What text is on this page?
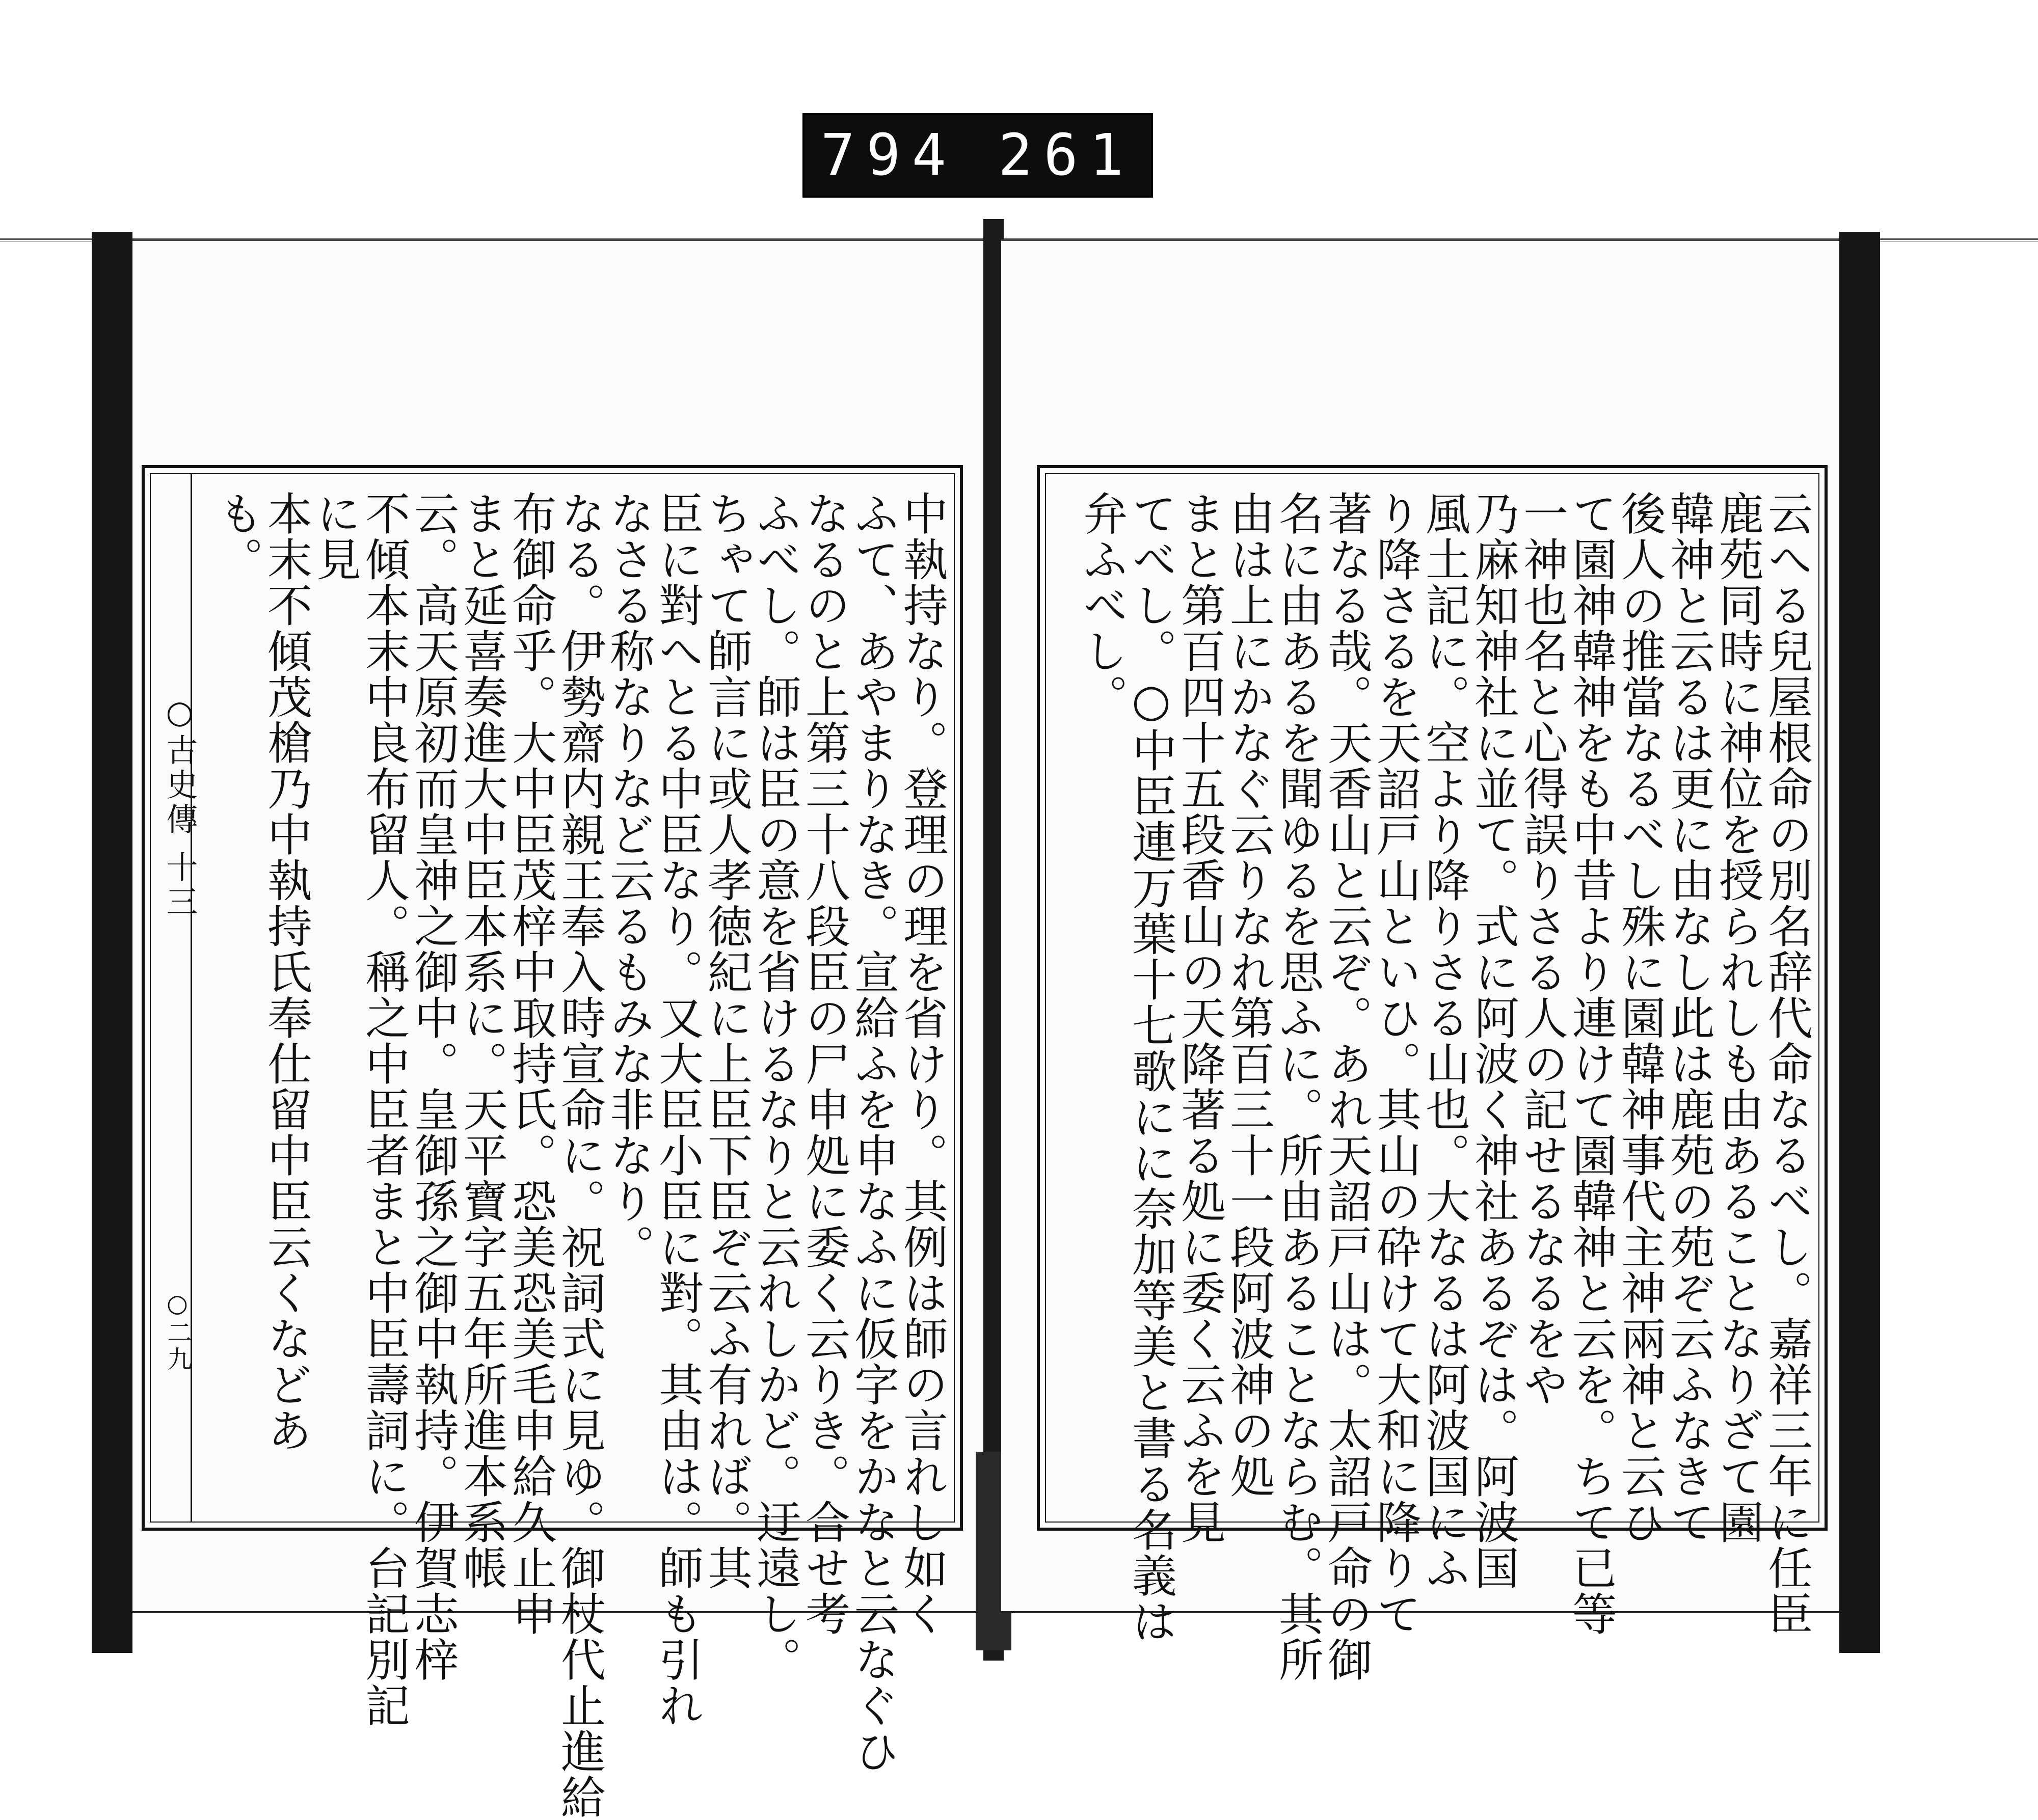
794 261
中執持なり。登理の理を省けり。其例は師の言れし如く
ふて、あやまりなき。宣給ふを申なふに仮字をかなと云なぐひ
なるのと上第三十八段臣の尸申処に委く云りき。合せ考
ふべし。師は臣の意を省けるなりと云れしかど。迂遠し。
ちゃて師言に或人孝徳紀に上臣下臣ぞ云ふ有れば。其
臣に對へとる中臣なり。又大臣小臣に對。其由は。師も引れ
なさる称なりなど云るもみな非なり。
なる。伊勢齋内親王奉入時宣命に。祝詞式に見ゆ。御杖代止進給
布御命乎。大中臣茂梓中取持氏。恐美恐美毛申給久止申
まと延喜奏進大中臣本系に。天平寶字五年所進本系帳
云。高天原初而皇神之御中。皇御孫之御中執持。伊賀志梓
不傾本末中良布留人。稱之中臣者まと中臣壽詞に。台記別記
に見
本末不傾茂槍乃中執持氏奉仕留中臣云くなどあ
も。
○古史傳 十三
○二九	云へる兒屋根命の別名辞代命なるべし。嘉祥三年に任臣
鹿苑同時に神位を授られしも由あることなりざて園
韓神と云るは更に由なし此は鹿苑の苑ぞ云ふなきて
後人の推當なるべし殊に園韓神事代主神兩神と云ひ
て園神韓神をも中昔より連けて園韓神と云を。ちて已等
一神也名と心得誤りさる人の記せるなるをや
乃麻知神社に並て。式に阿波く神社あるぞは。阿波国
風土記に。空より降りさる山也。大なるは阿波国にふ
り降さるを天詔戸山といひ。其山の砕けて大和に降りて
著なる哉。天香山と云ぞ。あれ天詔戸山は。太詔戸命の御
名に由あるを聞ゆるを思ふに。所由あることならむ。其所
由は上にかなぐ云りなれ第百三十一段阿波神の処
まと第百四十五段香山の天降著る処に委く云ふを見
てべし。○中臣連万葉十七歌にに奈加等美と書る名義は
弁ふべし。
